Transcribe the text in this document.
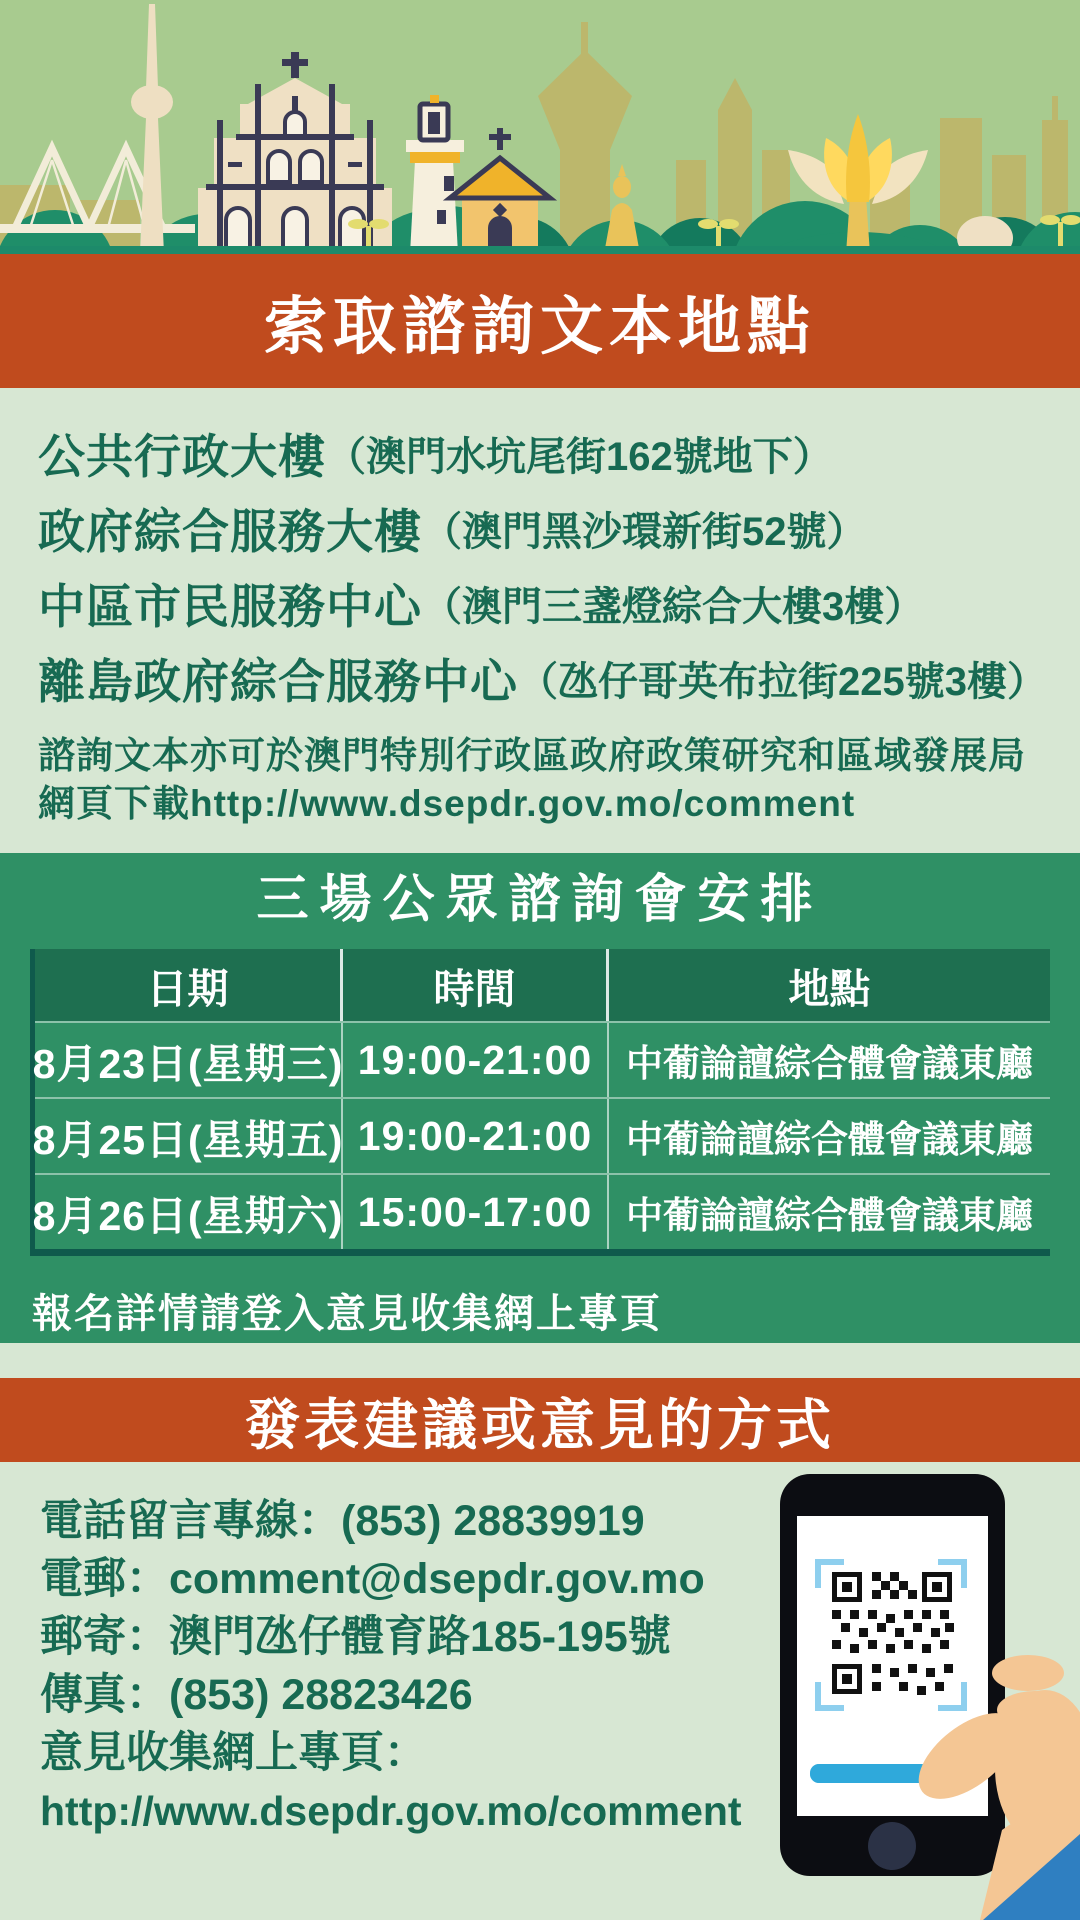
索取諮詢文本地點
公共行政大樓 （澳門水坑尾街162號地下）
政府綜合服務大樓 （澳門黑沙環新街52號）
中區市民服務中心 （澳門三盞燈綜合大樓3樓）
離島政府綜合服務中心 （氹仔哥英布拉街225號3樓）
諮詢文本亦可於澳門特別行政區政府政策研究和區域發展局網頁下載http://www.dsepdr.gov.mo/comment
三場公眾諮詢會安排
日期	時間	地點
8月23日(星期三) 19:00-21:00 中葡論譠綜合體會議東廳
8月25日(星期五) 19:00-21:00 中葡論譠綜合體會議東廳
8月26日(星期六) 15:00-17:00 中葡論譠綜合體會議東廳
報名詳情請登入意見收集網上專頁
發表建議或意見的方式
電話留言專線：(853) 28839919
電郵：comment@dsepdr.gov.mo
郵寄：澳門氹仔體育路185-195號
傳真：(853) 28823426
意見收集網上專頁：
http://www.dsepdr.gov.mo/comment
